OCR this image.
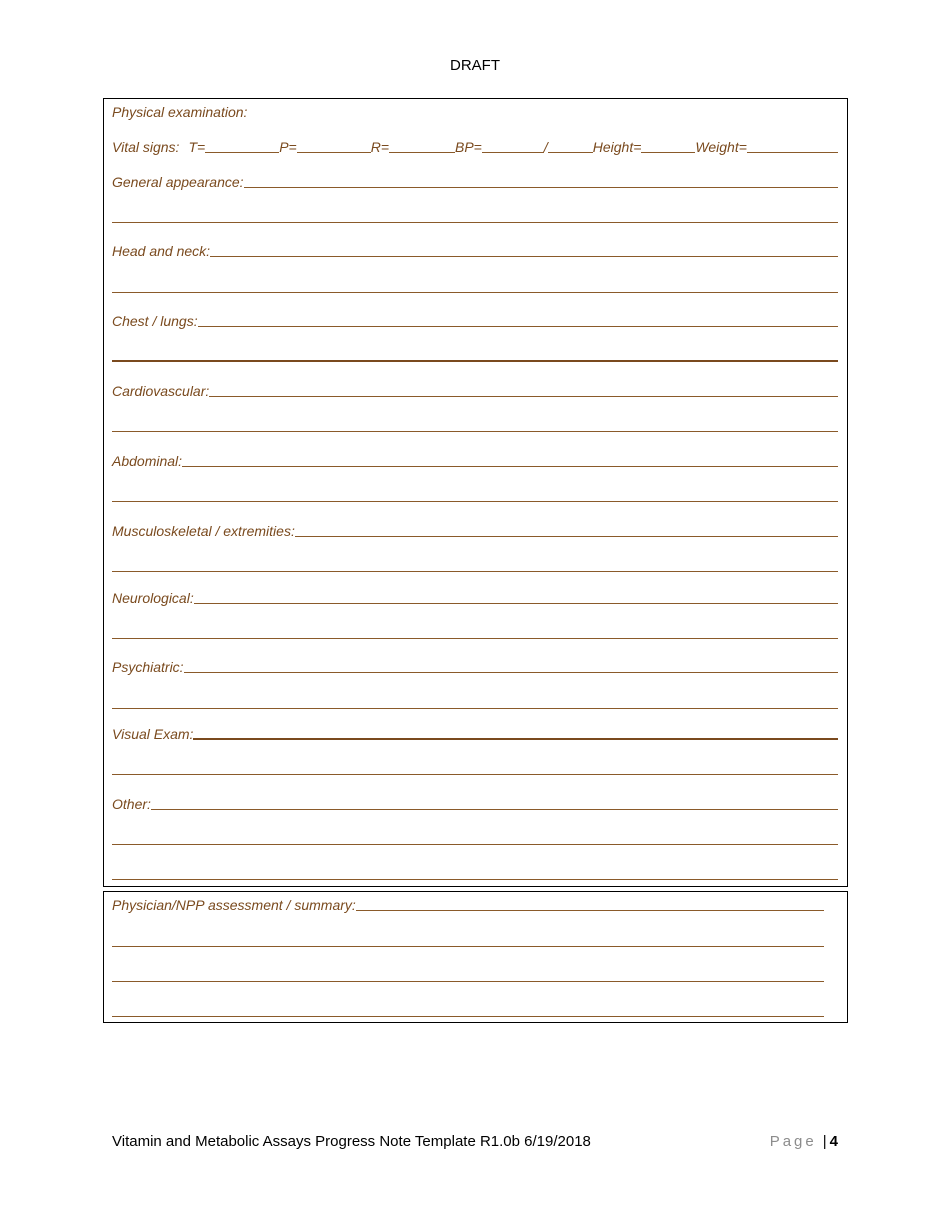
DRAFT
Physical examination:
Vital signs: T=	P=	R=	BP=	/	Height=	Weight=
General appearance:
Head and neck:
Chest / lungs:
Cardiovascular:
Abdominal:
Musculoskeletal / extremities:
Neurological:
Psychiatric:
Visual Exam:
Other:
Physician/NPP assessment / summary:
Vitamin and Metabolic Assays Progress Note Template R1.0b 6/19/2018	Page | 4
